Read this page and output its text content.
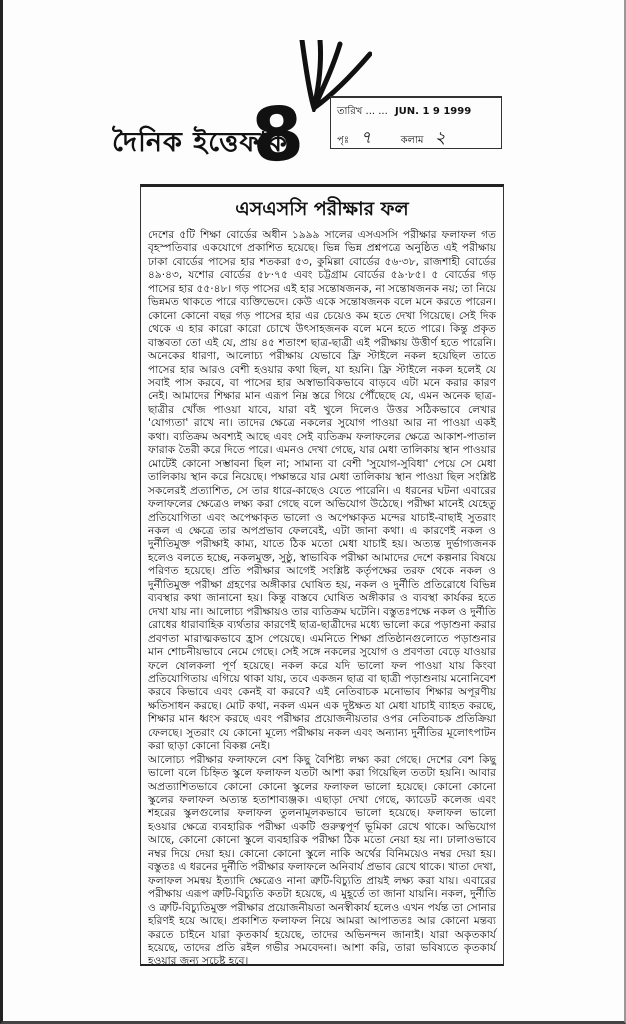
দৈনিক ইত্তেফাক
8	তারিখ ... ... JUN. 1 9 1999
পৃঃ ৭	কলাম ২
এসএসসি পরীক্ষার ফল

দেশের ৫টি শিক্ষা বোর্ডের অধীন ১৯৯৯ সালের এসএসসি পরীক্ষার ফলাফল গত বৃহস্পতিবার একযোগে প্রকাশিত হয়েছে। ভিন্ন ভিন্ন প্রশ্নপত্রে অনুষ্ঠিত এই পরীক্ষায় ঢাকা বোর্ডের পাসের হার শতকরা ৫৩, কুমিল্লা বোর্ডের ৫৬·৩৮, রাজশাহী বোর্ডের ৪৯·৪৩, যশোর বোর্ডের ৫৮·৭৫ এবং চট্টগ্রাম বোর্ডের ৫৯·৮৫। ৫ বোর্ডের গড় পাসের হার ৫৫·৪৮। গড় পাসের এই হার সন্তোষজনক, না সন্তোষজনক নয়; তা নিয়ে ভিন্নমত থাকতে পারে ব্যক্তিভেদে। কেউ একে সন্তোষজনক বলে মনে করতে পারেন। কোনো কোনো বছর গড় পাসের হার এর চেয়েও কম হতে দেখা গিয়েছে। সেই দিক থেকে এ হার কারো কারো চোখে উৎসাহজনক বলে মনে হতে পারে। কিন্তু প্রকৃত বাস্তবতা তো এই যে, প্রায় ৪৫ শতাংশ ছাত্র-ছাত্রী এই পরীক্ষায় উত্তীর্ণ হতে পারেনি। অনেকের ধারণা, আলোচ্য পরীক্ষায় যেভাবে ফ্রি স্টাইলে নকল হয়েছিল তাতে পাসের হার আরও বেশী হওয়ার কথা ছিল, যা হয়নি। ফ্রি স্টাইলে নকল হলেই যে সবাই পাস করবে, বা পাসের হার অস্বাভাবিকভাবে বাড়বে এটা মনে করার কারণ নেই। আমাদের শিক্ষার মান এরূপ নিম্ন স্তরে গিয়ে পৌঁছেছে যে, এমন অনেক ছাত্র-ছাত্রীর খোঁজ পাওয়া যাবে, যারা বই খুলে দিলেও উত্তর সঠিকভাবে লেখার 'যোগ্যতা' রাখে না। তাদের ক্ষেত্রে নকলের সুযোগ পাওয়া আর না পাওয়া একই কথা। ব্যতিক্রম অবশ্যই আছে এবং সেই ব্যতিক্রম ফলাফলের ক্ষেত্রে আকাশ-পাতাল ফারাক তৈরী করে দিতে পারে। এমনও দেখা গেছে, যার মেধা তালিকায় স্থান পাওয়ার মোটেই কোনো সম্ভাবনা ছিল না; সামান্য বা বেশী 'সুযোগ-সুবিধা' পেয়ে সে মেধা তালিকায় স্থান করে নিয়েছে। পক্ষান্তরে যার মেধা তালিকায় স্থান পাওয়া ছিল সংশ্লিষ্ট সকলেরই প্রত্যাশিত, সে তার ধারে-কাছেও যেতে পারেনি। এ ধরনের ঘটনা এবারের ফলাফলের ক্ষেত্রেও লক্ষ্য করা গেছে বলে অভিযোগ উঠেছে। পরীক্ষা মানেই যেহেতু প্রতিযোগিতা এবং অপেক্ষাকৃত ভালো ও অপেক্ষাকৃত মন্দের যাচাই-বাছাই সুতরাং নকল এ ক্ষেত্রে তার অপপ্রভাব ফেলবেই, এটা জানা কথা। এ কারণেই নকল ও দুর্নীতিমুক্ত পরীক্ষাই কাম্য, যাতে ঠিক মতো মেধা যাচাই হয়। অত্যন্ত দুর্ভাগ্যজনক হলেও বলতে হচ্ছে, নকলমুক্ত, সুষ্ঠু, স্বাভাবিক পরীক্ষা আমাদের দেশে কল্পনার বিষয়ে পরিণত হয়েছে। প্রতি পরীক্ষার আগেই সংশ্লিষ্ট কর্তৃপক্ষের তরফ থেকে নকল ও দুর্নীতিমুক্ত পরীক্ষা গ্রহণের অঙ্গীকার ঘোষিত হয়, নকল ও দুর্নীতি প্রতিরোধে বিভিন্ন ব্যবস্থার কথা জানানো হয়। কিন্তু বাস্তবে ঘোষিত অঙ্গীকার ও ব্যবস্থা কার্যকর হতে দেখা যায় না। আলোচ্য পরীক্ষায়ও তার ব্যতিক্রম ঘটেনি। বস্তুতঃপক্ষে নকল ও দুর্নীতি রোধের ধারাবাহিক ব্যর্থতার কারণেই ছাত্র-ছাত্রীদের মধ্যে ভালো করে পড়াশুনা করার প্রবণতা মারাত্মকভাবে হ্রাস পেয়েছে। এমনিতে শিক্ষা প্রতিষ্ঠানগুলোতে পড়াশুনার মান শোচনীয়ভাবে নেমে গেছে। সেই সঙ্গে নকলের সুযোগ ও প্রবণতা বেড়ে যাওয়ার ফলে ষোলকলা পূর্ণ হয়েছে। নকল করে যদি ভালো ফল পাওয়া যায় কিংবা প্রতিযোগিতায় এগিয়ে থাকা যায়, তবে একজন ছাত্র বা ছাত্রী পড়াশুনায় মনোনিবেশ করবে কিভাবে এবং কেনই বা করবে? এই নেতিবাচক মনোভাব শিক্ষার অপূরণীয় ক্ষতিসাধন করছে। মোট কথা, নকল এমন এক দুষ্টক্ষত যা মেধা যাচাই ব্যাহত করছে, শিক্ষার মান ধ্বংস করছে এবং পরীক্ষার প্রয়োজনীয়তার ওপর নেতিবাচক প্রতিক্রিয়া ফেলছে। সুতরাং যে কোনো মূল্যে পরীক্ষায় নকল এবং অন্যান্য দুর্নীতির মূলোৎপাটন করা ছাড়া কোনো বিকল্প নেই।

আলোচ্য পরীক্ষার ফলাফলে বেশ কিছু বৈশিষ্ট্য লক্ষ্য করা গেছে। দেশের বেশ কিছু ভালো বলে চিহ্নিত স্কুলে ফলাফল যতটা আশা করা গিয়েছিল ততটা হয়নি। আবার অপ্রত্যাশিতভাবে কোনো কোনো স্কুলের ফলাফল ভালো হয়েছে। কোনো কোনো স্কুলের ফলাফল অত্যন্ত হতাশাব্যঞ্জক। এছাড়া দেখা গেছে, ক্যাডেট কলেজ এবং শহরের স্কুলগুলোর ফলাফল তুলনামূলকভাবে ভালো হয়েছে। ফলাফল ভালো হওয়ার ক্ষেত্রে ব্যবহারিক পরীক্ষা একটি গুরুত্বপূর্ণ ভূমিকা রেখে থাকে। অভিযোগ আছে, কোনো কোনো স্কুলে ব্যবহারিক পরীক্ষা ঠিক মতো নেয়া হয় না। ঢালাওভাবে নম্বর দিয়ে দেয়া হয়। কোনো কোনো স্কুলে নাকি অর্থের বিনিময়েও নম্বর দেয়া হয়। বস্তুতঃ এ ধরনের দুর্নীতি পরীক্ষার ফলাফলে অনিবার্য প্রভাব রেখে থাকে। খাতা দেখা, ফলাফল সমন্বয় ইত্যাদি ক্ষেত্রেও নানা ত্রুটি-বিচ্যুতি প্রায়ই লক্ষ্য করা যায়। এবারের পরীক্ষায় এরূপ ত্রুটি-বিচ্যুতি কতটা হয়েছে, এ মুহূর্তে তা জানা যায়নি। নকল, দুর্নীতি ও ত্রুটি-বিচ্যুতিমুক্ত পরীক্ষার প্রয়োজনীয়তা অনস্বীকার্য হলেও এখন পর্যন্ত তা সোনার হরিণই হয়ে আছে। প্রকাশিত ফলাফল নিয়ে আমরা আপাততঃ আর কোনো মন্তব্য করতে চাইনে যারা কৃতকার্য হয়েছে, তাদের অভিনন্দন জানাই। যারা অকৃতকার্য হয়েছে, তাদের প্রতি রইল গভীর সমবেদনা। আশা করি, তারা ভবিষ্যতে কৃতকার্য হওয়ার জন্য সচেষ্ট হবে।
